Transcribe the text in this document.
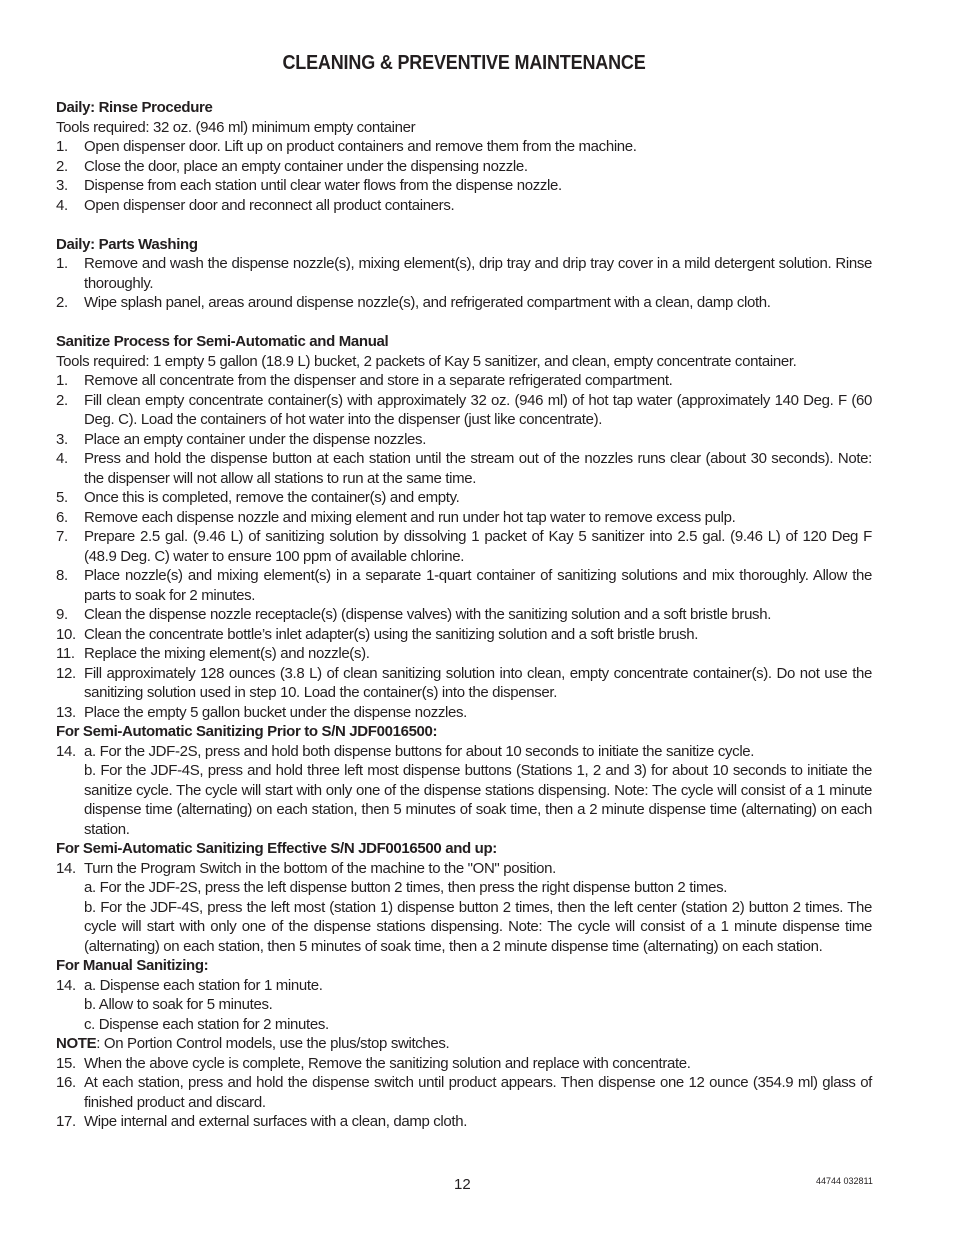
CLEANING & PREVENTIVE MAINTENANCE
Daily: Rinse Procedure
Tools required: 32 oz. (946 ml) minimum empty container
1. Open dispenser door. Lift up on product containers and remove them from the machine.
2. Close the door, place an empty container under the dispensing nozzle.
3. Dispense from each station until clear water flows from the dispense nozzle.
4. Open dispenser door and reconnect all product containers.
Daily: Parts Washing
1. Remove and wash the dispense nozzle(s), mixing element(s), drip tray and drip tray cover in a mild detergent solution. Rinse thoroughly.
2. Wipe splash panel, areas around dispense nozzle(s), and refrigerated compartment with a clean, damp cloth.
Sanitize Process for Semi-Automatic and Manual
Tools required: 1 empty 5 gallon (18.9 L) bucket, 2 packets of Kay 5 sanitizer, and clean, empty concentrate container.
1. Remove all concentrate from the dispenser and store in a separate refrigerated compartment.
2. Fill clean empty concentrate container(s) with approximately 32 oz. (946 ml) of hot tap water (approximately 140 Deg. F (60 Deg. C). Load the containers of hot water into the dispenser (just like concentrate).
3. Place an empty container under the dispense nozzles.
4. Press and hold the dispense button at each station until the stream out of the nozzles runs clear (about 30 seconds). Note: the dispenser will not allow all stations to run at the same time.
5. Once this is completed, remove the container(s) and empty.
6. Remove each dispense nozzle and mixing element and run under hot tap water to remove excess pulp.
7. Prepare 2.5 gal. (9.46 L) of sanitizing solution by dissolving 1 packet of Kay 5 sanitizer into 2.5 gal. (9.46 L) of 120 Deg F (48.9 Deg. C) water to ensure 100 ppm of available chlorine.
8. Place nozzle(s) and mixing element(s) in a separate 1-quart container of sanitizing solutions and mix thoroughly. Allow the parts to soak for 2 minutes.
9. Clean the dispense nozzle receptacle(s) (dispense valves) with the sanitizing solution and a soft bristle brush.
10. Clean the concentrate bottle’s inlet adapter(s) using the sanitizing solution and a soft bristle brush.
11. Replace the mixing element(s) and nozzle(s).
12. Fill approximately 128 ounces (3.8 L) of clean sanitizing solution into clean, empty concentrate container(s). Do not use the sanitizing solution used in step 10. Load the container(s) into the dispenser.
13. Place the empty 5 gallon bucket under the dispense nozzles.
For Semi-Automatic Sanitizing Prior to S/N JDF0016500:
14. a. For the JDF-2S, press and hold both dispense buttons for about 10 seconds to initiate the sanitize cycle.
b. For the JDF-4S, press and hold three left most dispense buttons (Stations 1, 2 and 3) for about 10 seconds to initiate the sanitize cycle. The cycle will start with only one of the dispense stations dispensing. Note: The cycle will consist of a 1 minute dispense time (alternating) on each station, then 5 minutes of soak time, then a 2 minute dispense time (alternating) on each station.
For Semi-Automatic Sanitizing Effective S/N JDF0016500 and up:
14. Turn the Program Switch in the bottom of the machine to the "ON" position.
a. For the JDF-2S, press the left dispense button 2 times, then press the right dispense button 2 times.
b. For the JDF-4S, press the left most (station 1) dispense button 2 times, then the left center (station 2) button 2 times. The cycle will start with only one of the dispense stations dispensing. Note: The cycle will consist of a 1 minute dispense time (alternating) on each station, then 5 minutes of soak time, then a 2 minute dispense time (alternating) on each station.
For Manual Sanitizing:
14. a. Dispense each station for 1 minute.
b. Allow to soak for 5 minutes.
c. Dispense each station for 2 minutes.
NOTE: On Portion Control models, use the plus/stop switches.
15. When the above cycle is complete, Remove the sanitizing solution and replace with concentrate.
16. At each station, press and hold the dispense switch until product appears. Then dispense one 12 ounce (354.9 ml) glass of finished product and discard.
17. Wipe internal and external surfaces with a clean, damp cloth.
12	44744 032811
